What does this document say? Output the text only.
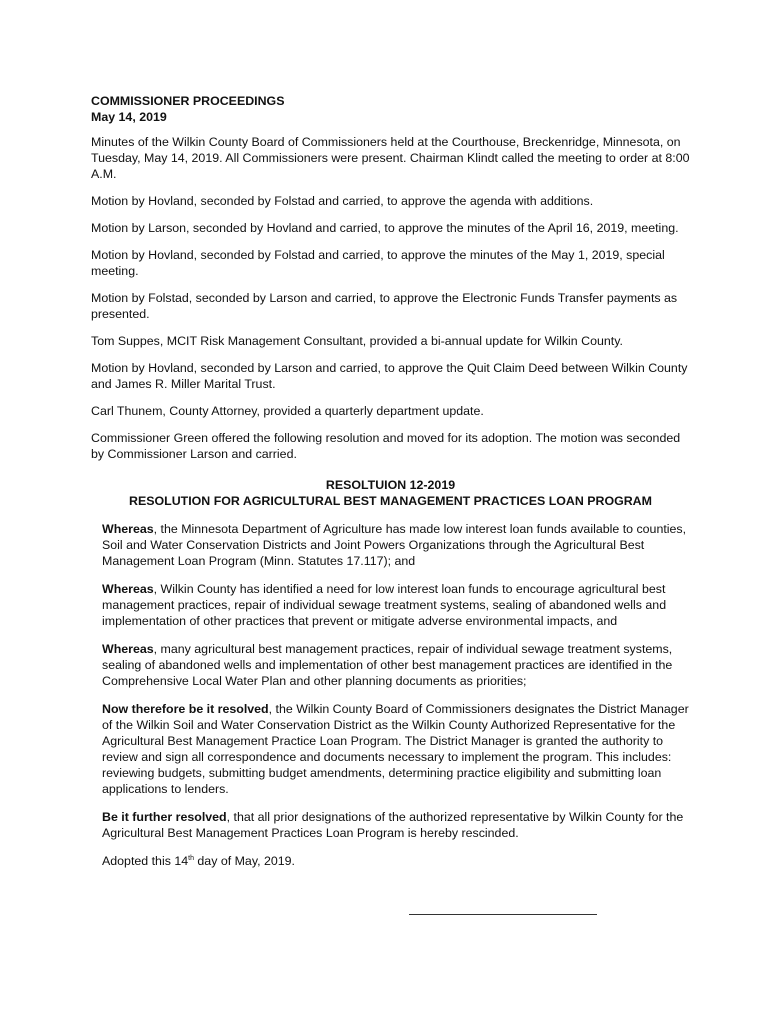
COMMISSIONER PROCEEDINGS
May 14, 2019
Minutes of the Wilkin County Board of Commissioners held at the Courthouse, Breckenridge, Minnesota, on Tuesday, May 14, 2019. All Commissioners were present. Chairman Klindt called the meeting to order at 8:00 A.M.
Motion by Hovland, seconded by Folstad and carried, to approve the agenda with additions.
Motion by Larson, seconded by Hovland and carried, to approve the minutes of the April 16, 2019, meeting.
Motion by Hovland, seconded by Folstad and carried, to approve the minutes of the May 1, 2019, special meeting.
Motion by Folstad, seconded by Larson and carried, to approve the Electronic Funds Transfer payments as presented.
Tom Suppes, MCIT Risk Management Consultant, provided a bi-annual update for Wilkin County.
Motion by Hovland, seconded by Larson and carried, to approve the Quit Claim Deed between Wilkin County and James R. Miller Marital Trust.
Carl Thunem, County Attorney, provided a quarterly department update.
Commissioner Green offered the following resolution and moved for its adoption. The motion was seconded by Commissioner Larson and carried.
RESOLTUION 12-2019
RESOLUTION FOR AGRICULTURAL BEST MANAGEMENT PRACTICES LOAN PROGRAM
Whereas, the Minnesota Department of Agriculture has made low interest loan funds available to counties, Soil and Water Conservation Districts and Joint Powers Organizations through the Agricultural Best Management Loan Program (Minn. Statutes 17.117); and
Whereas, Wilkin County has identified a need for low interest loan funds to encourage agricultural best management practices, repair of individual sewage treatment systems, sealing of abandoned wells and implementation of other practices that prevent or mitigate adverse environmental impacts, and
Whereas, many agricultural best management practices, repair of individual sewage treatment systems, sealing of abandoned wells and implementation of other best management practices are identified in the Comprehensive Local Water Plan and other planning documents as priorities;
Now therefore be it resolved, the Wilkin County Board of Commissioners designates the District Manager of the Wilkin Soil and Water Conservation District as the Wilkin County Authorized Representative for the Agricultural Best Management Practice Loan Program. The District Manager is granted the authority to review and sign all correspondence and documents necessary to implement the program. This includes: reviewing budgets, submitting budget amendments, determining practice eligibility and submitting loan applications to lenders.
Be it further resolved, that all prior designations of the authorized representative by Wilkin County for the Agricultural Best Management Practices Loan Program is hereby rescinded.
Adopted this 14th day of May, 2019.
